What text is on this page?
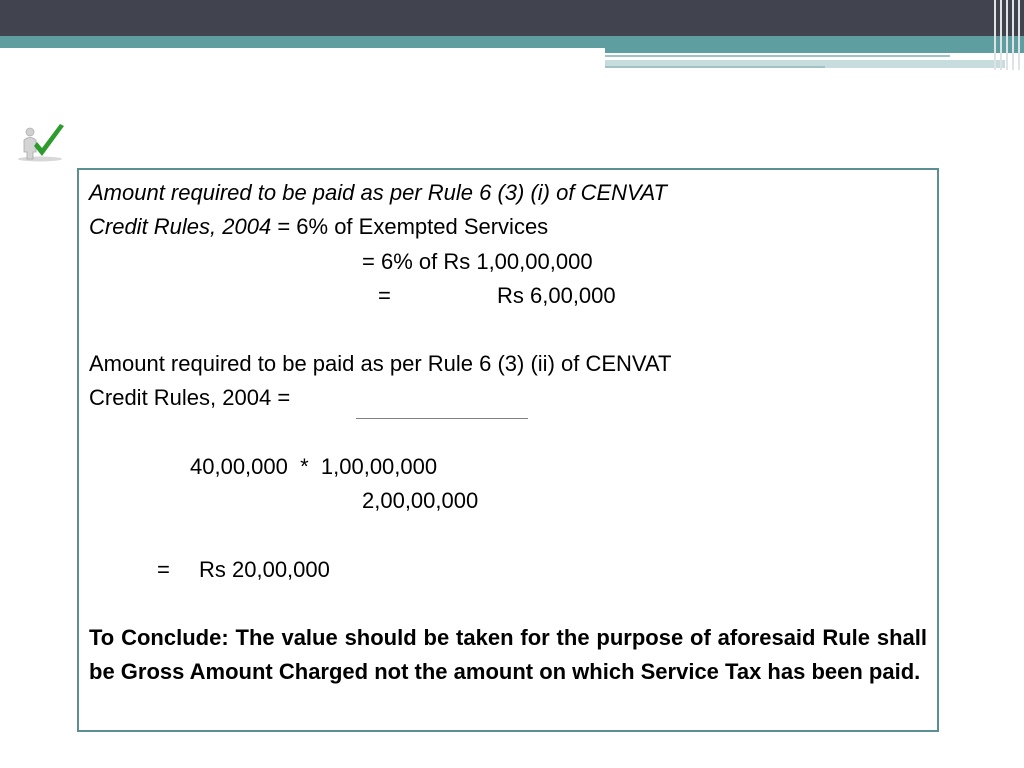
Amount required to be paid as per Rule 6 (3) (i) of CENVAT
Credit Rules, 2004 = 6% of Exempted Services
= 6% of Rs 1,00,00,000
=	Rs 6,00,000
Amount required to be paid as per Rule 6 (3) (ii) of CENVAT
Credit Rules, 2004 =
40,00,000  *  1,00,00,000
2,00,00,000
= Rs 20,00,000
To Conclude: The value should be taken for the purpose of aforesaid Rule shall be Gross Amount Charged not the amount on which Service Tax has been paid.
